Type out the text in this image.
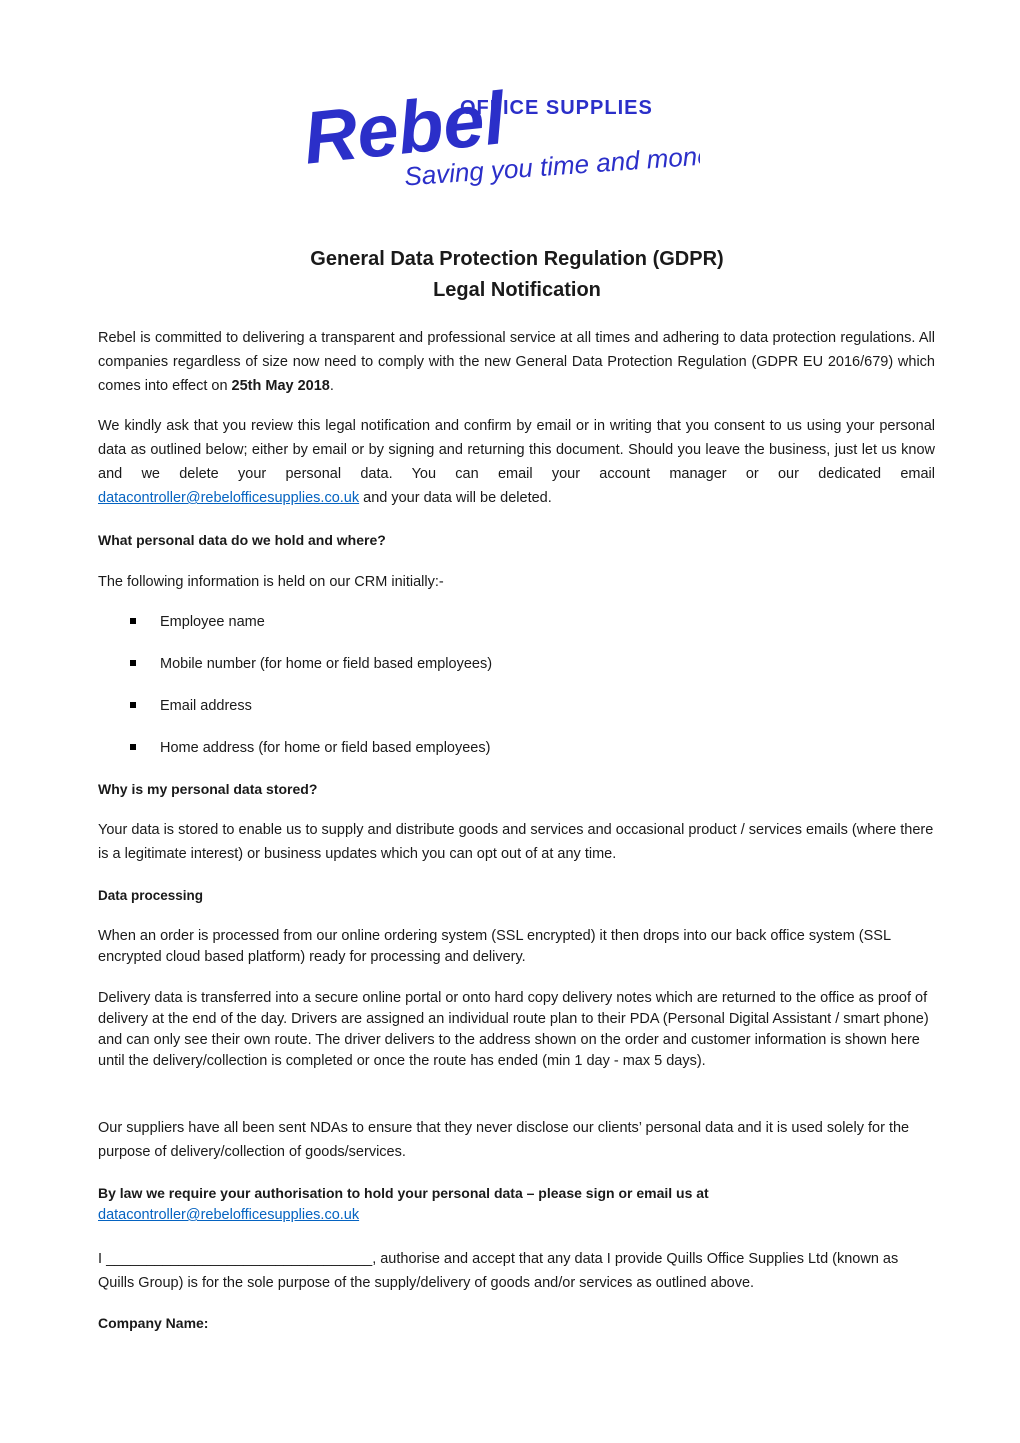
Rebel
OFFICE SUPPLIES
Saving you time and money!
General Data Protection Regulation (GDPR)
Legal Notification

Rebel is committed to delivering a transparent and professional service at all times and adhering to data protection regulations. All companies regardless of size now need to comply with the new General Data Protection Regulation (GDPR EU 2016/679) which comes into effect on 25th May 2018.

We kindly ask that you review this legal notification and confirm by email or in writing that you consent to us using your personal data as outlined below; either by email or by signing and returning this document. Should you leave the business, just let us know and we delete your personal data. You can email your account manager or our dedicated email datacontroller@rebelofficesupplies.co.uk and your data will be deleted.

What personal data do we hold and where?

The following information is held on our CRM initially:-

Employee name
Mobile number (for home or field based employees)
Email address
Home address (for home or field based employees)

Why is my personal data stored?

Your data is stored to enable us to supply and distribute goods and services and occasional product / services emails (where there is a legitimate interest) or business updates which you can opt out of at any time.

Data processing

When an order is processed from our online ordering system (SSL encrypted) it then drops into our back office system (SSL encrypted cloud based platform) ready for processing and delivery.

Delivery data is transferred into a secure online portal or onto hard copy delivery notes which are returned to the office as proof of delivery at the end of the day. Drivers are assigned an individual route plan to their PDA (Personal Digital Assistant / smart phone) and can only see their own route. The driver delivers to the address shown on the order and customer information is shown here until the delivery/collection is completed or once the route has ended (min 1 day - max 5 days).

Our suppliers have all been sent NDAs to ensure that they never disclose our clients’ personal data and it is used solely for the purpose of delivery/collection of goods/services.

By law we require your authorisation to hold your personal data – please sign or email us at

datacontroller@rebelofficesupplies.co.uk

I _________________________________, authorise and accept that any data I provide Quills Office Supplies Ltd (known as Quills Group) is for the sole purpose of the supply/delivery of goods and/or services as outlined above.

Company Name:
